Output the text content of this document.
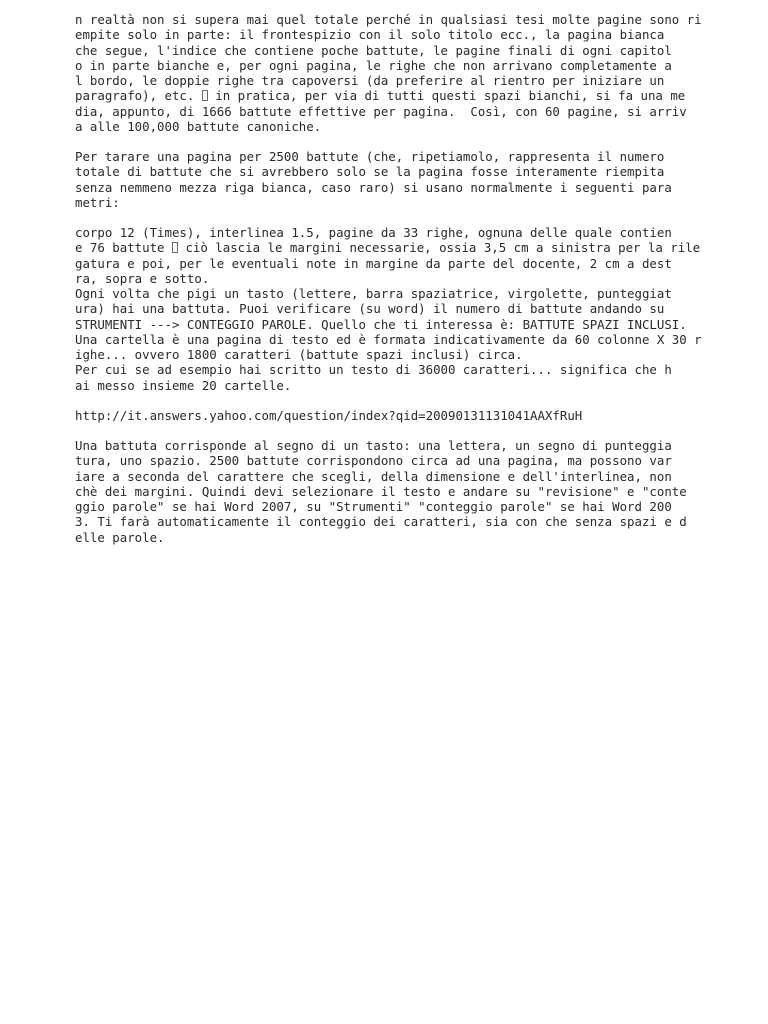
n realtà non si supera mai quel totale perché in qualsiasi tesi molte pagine sono ri
empite solo in parte: il frontespizio con il solo titolo ecc., la pagina bianca
che segue, l'indice che contiene poche battute, le pagine finali di ogni capitol
o in parte bianche e, per ogni pagina, le righe che non arrivano completamente a
l bordo, le doppie righe tra capoversi (da preferire al rientro per iniziare un
paragrafo), etc.  in pratica, per via di tutti questi spazi bianchi, si fa una me
dia, appunto, di 1666 battute effettive per pagina.  Così, con 60 pagine, si arriv
a alle 100,000 battute canoniche.
Per tarare una pagina per 2500 battute (che, ripetiamolo, rappresenta il numero
totale di battute che si avrebbero solo se la pagina fosse interamente riempita
senza nemmeno mezza riga bianca, caso raro) si usano normalmente i seguenti para
metri:
corpo 12 (Times), interlinea 1.5, pagine da 33 righe, ognuna delle quale contien
e 76 battute  ciò lascia le margini necessarie, ossia 3,5 cm a sinistra per la rile
gatura e poi, per le eventuali note in margine da parte del docente, 2 cm a dest
ra, sopra e sotto.
Ogni volta che pigi un tasto (lettere, barra spaziatrice, virgolette, punteggiat
ura) hai una battuta. Puoi verificare (su word) il numero di battute andando su
STRUMENTI ---> CONTEGGIO PAROLE. Quello che ti interessa è: BATTUTE SPAZI INCLUSI.
Una cartella è una pagina di testo ed è formata indicativamente da 60 colonne X 30 r
ighe... ovvero 1800 caratteri (battute spazi inclusi) circa.
Per cui se ad esempio hai scritto un testo di 36000 caratteri... significa che h
ai messo insieme 20 cartelle.
http://it.answers.yahoo.com/question/index?qid=20090131131041AAXfRuH
Una battuta corrisponde al segno di un tasto: una lettera, un segno di punteggia
tura, uno spazio. 2500 battute corrispondono circa ad una pagina, ma possono var
iare a seconda del carattere che scegli, della dimensione e dell'interlinea, non
chè dei margini. Quindi devi selezionare il testo e andare su "revisione" e "conte
ggio parole" se hai Word 2007, su "Strumenti" "conteggio parole" se hai Word 200
3. Ti farà automaticamente il conteggio dei caratteri, sia con che senza spazi e d
elle parole.
